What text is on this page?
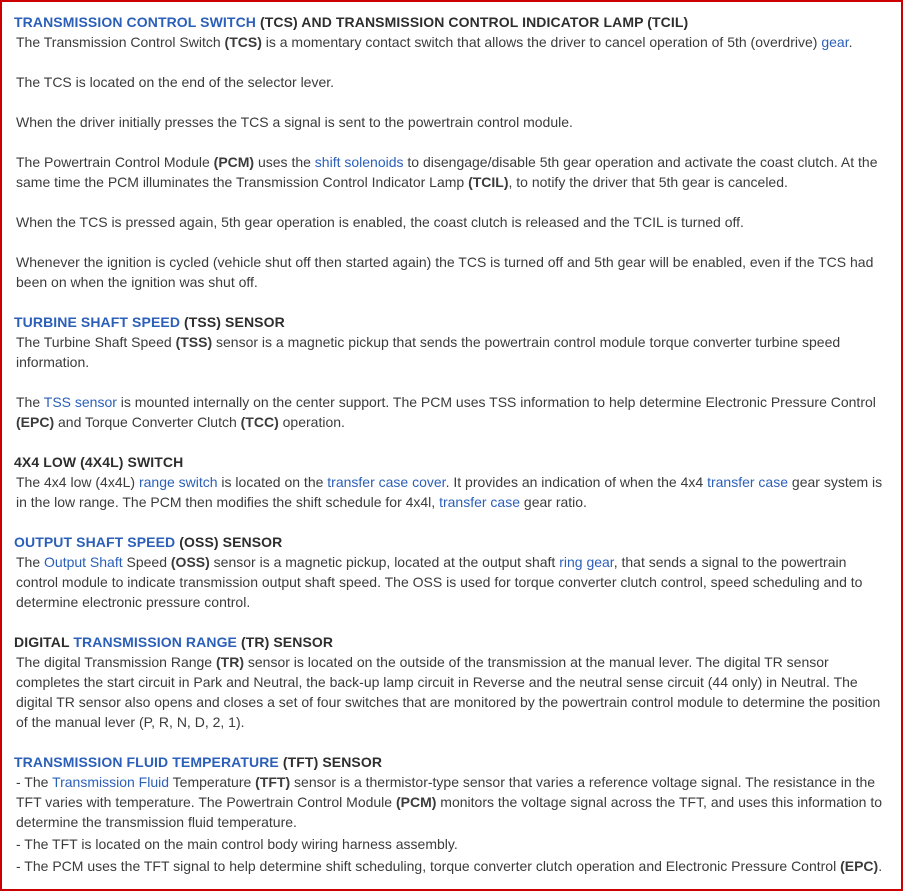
TRANSMISSION CONTROL SWITCH (TCS) AND TRANSMISSION CONTROL INDICATOR LAMP (TCIL)

The Transmission Control Switch (TCS) is a momentary contact switch that allows the driver to cancel operation of 5th (overdrive) gear.

The TCS is located on the end of the selector lever.

When the driver initially presses the TCS a signal is sent to the powertrain control module.

The Powertrain Control Module (PCM) uses the shift solenoids to disengage/disable 5th gear operation and activate the coast clutch. At the same time the PCM illuminates the Transmission Control Indicator Lamp (TCIL), to notify the driver that 5th gear is canceled.

When the TCS is pressed again, 5th gear operation is enabled, the coast clutch is released and the TCIL is turned off.

Whenever the ignition is cycled (vehicle shut off then started again) the TCS is turned off and 5th gear will be enabled, even if the TCS had been on when the ignition was shut off.

TURBINE SHAFT SPEED (TSS) SENSOR

The Turbine Shaft Speed (TSS) sensor is a magnetic pickup that sends the powertrain control module torque converter turbine speed information.

The TSS sensor is mounted internally on the center support. The PCM uses TSS information to help determine Electronic Pressure Control (EPC) and Torque Converter Clutch (TCC) operation.

4X4 LOW (4X4L) SWITCH

The 4x4 low (4x4L) range switch is located on the transfer case cover. It provides an indication of when the 4x4 transfer case gear system is in the low range. The PCM then modifies the shift schedule for 4x4l, transfer case gear ratio.

OUTPUT SHAFT SPEED (OSS) SENSOR

The Output Shaft Speed (OSS) sensor is a magnetic pickup, located at the output shaft ring gear, that sends a signal to the powertrain control module to indicate transmission output shaft speed. The OSS is used for torque converter clutch control, speed scheduling and to determine electronic pressure control.

DIGITAL TRANSMISSION RANGE (TR) SENSOR

The digital Transmission Range (TR) sensor is located on the outside of the transmission at the manual lever. The digital TR sensor completes the start circuit in Park and Neutral, the back-up lamp circuit in Reverse and the neutral sense circuit (44 only) in Neutral. The digital TR sensor also opens and closes a set of four switches that are monitored by the powertrain control module to determine the position of the manual lever (P, R, N, D, 2, 1).

TRANSMISSION FLUID TEMPERATURE (TFT) SENSOR

- The Transmission Fluid Temperature (TFT) sensor is a thermistor-type sensor that varies a reference voltage signal. The resistance in the TFT varies with temperature. The Powertrain Control Module (PCM) monitors the voltage signal across the TFT, and uses this information to determine the transmission fluid temperature.

- The TFT is located on the main control body wiring harness assembly.

- The PCM uses the TFT signal to help determine shift scheduling, torque converter clutch operation and Electronic Pressure Control (EPC).
